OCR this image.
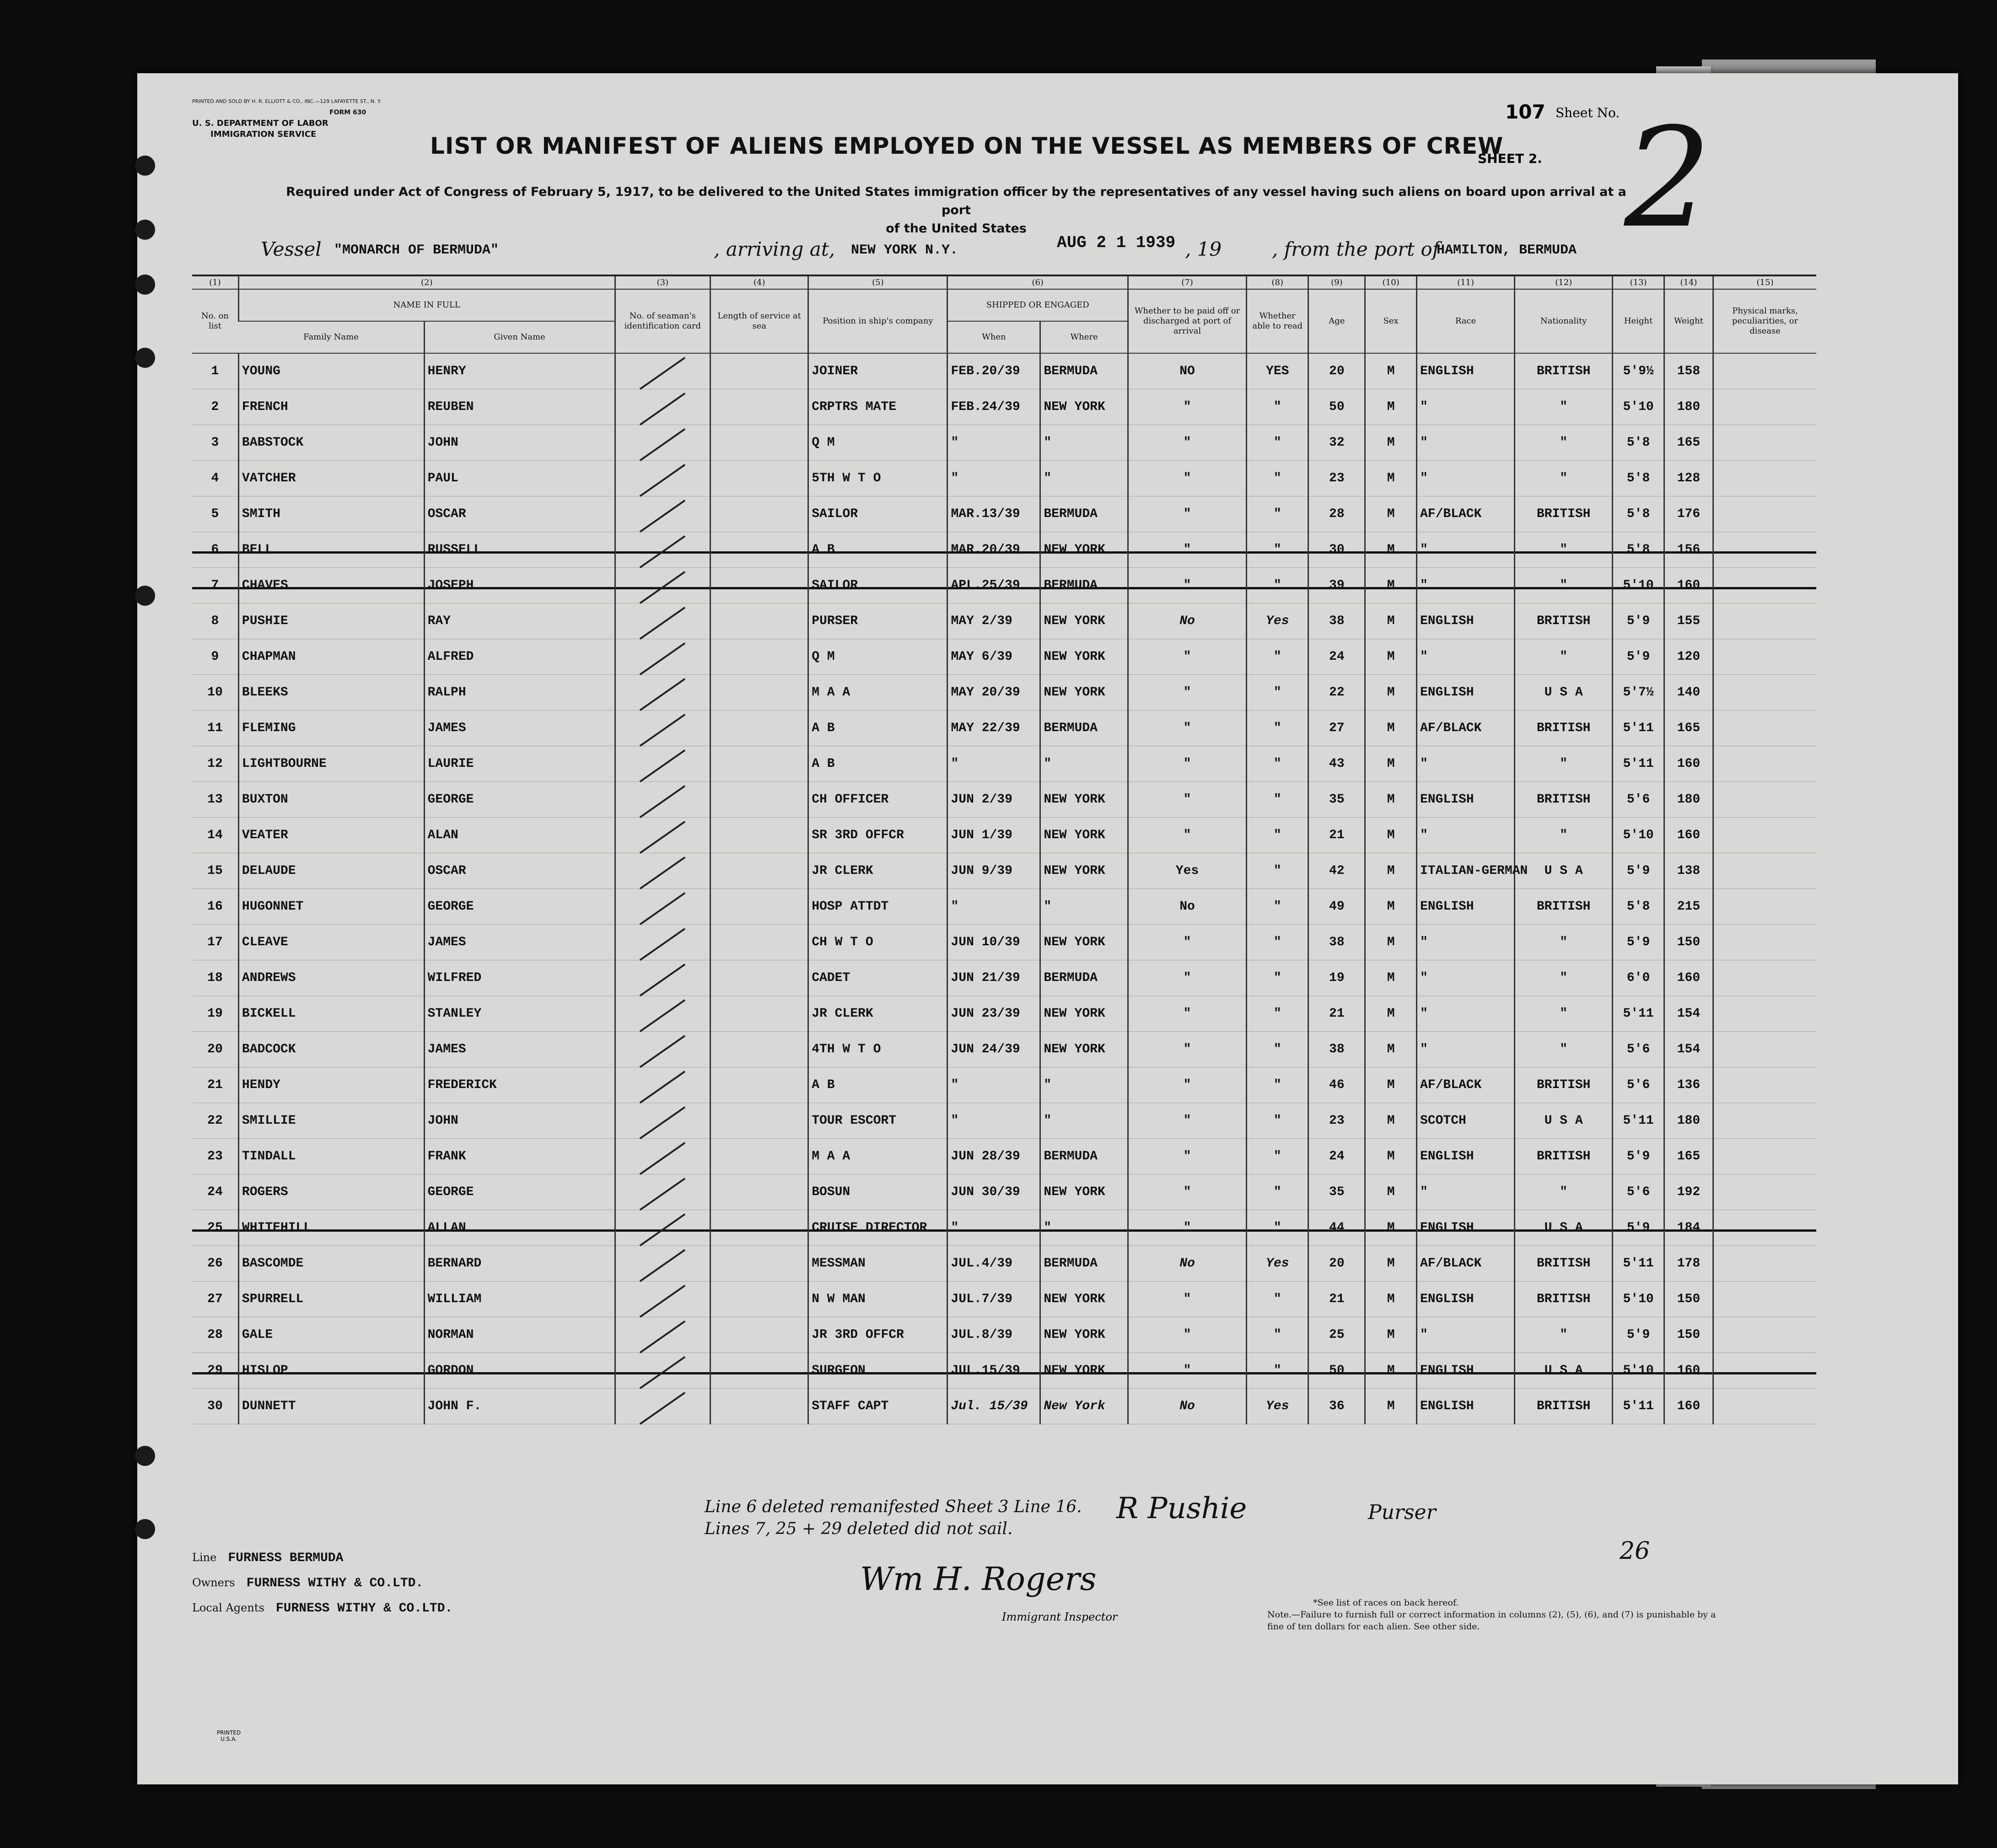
PRINTED AND SOLD BY H. R. ELLIOTT & CO., INC.—129 LAFAYETTE ST., N. Y.
FORM 630
U. S. DEPARTMENT OF LABOR
IMMIGRATION SERVICE	LIST OR MANIFEST OF ALIENS EMPLOYED ON THE VESSEL AS MEMBERS OF CREW
107 Sheet No.
SHEET 2. 2
Required under Act of Congress of February 5, 1917, to be delivered to the United States immigration officer by the representatives of any vessel having such aliens on board upon arrival at a port
of the United States
Vessel "MONARCH OF BERMUDA"	, arriving at, NEW YORK N.Y.	AUG 2 1 1939 , 19	, from the port of
HAMILTON, BERMUDA
(1)	(2)		(3)	(4)	(5)	(6)		(7)	(8)	(9)	(10)	(11)	(12)	(13)	(14)	(15)
No. on list	NAME IN FULL		No. of seaman's identification card	Length of service at sea	Position in ship's company	SHIPPED OR ENGAGED		Whether to be paid off or discharged at port of arrival	Whether able to read	Age	Sex	Race	Nationality	Height	Weight	Physical marks, peculiarities, or disease
	Family Name	Given Name				When	Where									
1	YOUNG	HENRY			JOINER	FEB.20/39	BERMUDA	NO	YES	20	M	ENGLISH	BRITISH	5'9½	158	
2	FRENCH	REUBEN			CRPTRS MATE	FEB.24/39	NEW YORK	"	"	50	M	"	"	5'10	180	
3	BABSTOCK	JOHN			Q M	"	"	"	"	32	M	"	"	5'8	165	
4	VATCHER	PAUL			5TH W T O	"	"	"	"	23	M	"	"	5'8	128	
5	SMITH	OSCAR			SAILOR	MAR.13/39	BERMUDA	"	"	28	M	AF/BLACK	BRITISH	5'8	176	
6	BELL	RUSSELL			A B	MAR.20/39	NEW YORK	"	"	30	M	"	"	5'8	156	
7	CHAVES	JOSEPH			SAILOR	APL.25/39	BERMUDA	"	"	39	M	"	"	5'10	160	
8	PUSHIE	RAY			PURSER	MAY 2/39	NEW YORK	No	Yes	38	M	ENGLISH	BRITISH	5'9	155	
9	CHAPMAN	ALFRED			Q M	MAY 6/39	NEW YORK	"	"	24	M	"	"	5'9	120	
10	BLEEKS	RALPH			M A A	MAY 20/39	NEW YORK	"	"	22	M	ENGLISH	U S A	5'7½	140	
11	FLEMING	JAMES			A B	MAY 22/39	BERMUDA	"	"	27	M	AF/BLACK	BRITISH	5'11	165	
12	LIGHTBOURNE	LAURIE			A B	"	"	"	"	43	M	"	"	5'11	160	
13	BUXTON	GEORGE			CH OFFICER	JUN 2/39	NEW YORK	"	"	35	M	ENGLISH	BRITISH	5'6	180	
14	VEATER	ALAN			SR 3RD OFFCR	JUN 1/39	NEW YORK	"	"	21	M	"	"	5'10	160	
15	DELAUDE	OSCAR			JR CLERK	JUN 9/39	NEW YORK	Yes	"	42	M	ITALIAN-GERMAN	U S A	5'9	138	
16	HUGONNET	GEORGE			HOSP ATTDT	"	"	No	"	49	M	ENGLISH	BRITISH	5'8	215	
17	CLEAVE	JAMES			CH W T O	JUN 10/39	NEW YORK	"	"	38	M	"	"	5'9	150	
18	ANDREWS	WILFRED			CADET	JUN 21/39	BERMUDA	"	"	19	M	"	"	6'0	160	
19	BICKELL	STANLEY			JR CLERK	JUN 23/39	NEW YORK	"	"	21	M	"	"	5'11	154	
20	BADCOCK	JAMES			4TH W T O	JUN 24/39	NEW YORK	"	"	38	M	"	"	5'6	154	
21	HENDY	FREDERICK			A B	"	"	"	"	46	M	AF/BLACK	BRITISH	5'6	136	
22	SMILLIE	JOHN			TOUR ESCORT	"	"	"	"	23	M	SCOTCH	U S A	5'11	180	
23	TINDALL	FRANK			M A A	JUN 28/39	BERMUDA	"	"	24	M	ENGLISH	BRITISH	5'9	165	
24	ROGERS	GEORGE			BOSUN	JUN 30/39	NEW YORK	"	"	35	M	"	"	5'6	192	
25	WHITEHILL	ALLAN			CRUISE DIRECTOR	"	"	"	"	44	M	ENGLISH	U S A	5'9	184	
26	BASCOMDE	BERNARD			MESSMAN	JUL.4/39	BERMUDA	No	Yes	20	M	AF/BLACK	BRITISH	5'11	178	
27	SPURRELL	WILLIAM			N W MAN	JUL.7/39	NEW YORK	"	"	21	M	ENGLISH	BRITISH	5'10	150	
28	GALE	NORMAN			JR 3RD OFFCR	JUL.8/39	NEW YORK	"	"	25	M	"	"	5'9	150	
29	HISLOP	GORDON			SURGEON	JUL.15/39	NEW YORK	"	"	50	M	ENGLISH	U S A	5'10	160	
30	DUNNETT	JOHN F.			STAFF CAPT	Jul. 15/39	New York	No	Yes	36	M	ENGLISH	BRITISH	5'11	160	
Line 6 deleted remanifested Sheet 3 Line 16.
Lines 7, 25 + 29 deleted did not sail.
R Pushie	Purser
26
Line FURNESS BERMUDA
Owners FURNESS WITHY & CO.LTD.
Local Agents FURNESS WITHY & CO.LTD.
Wm H. Rogers
Immigrant Inspector
*See list of races on back hereof.
Note.—Failure to furnish full or correct information in columns (2), (5), (6), and (7) is punishable by a fine of ten dollars for each alien. See other side.
PRINTED U.S.A.
